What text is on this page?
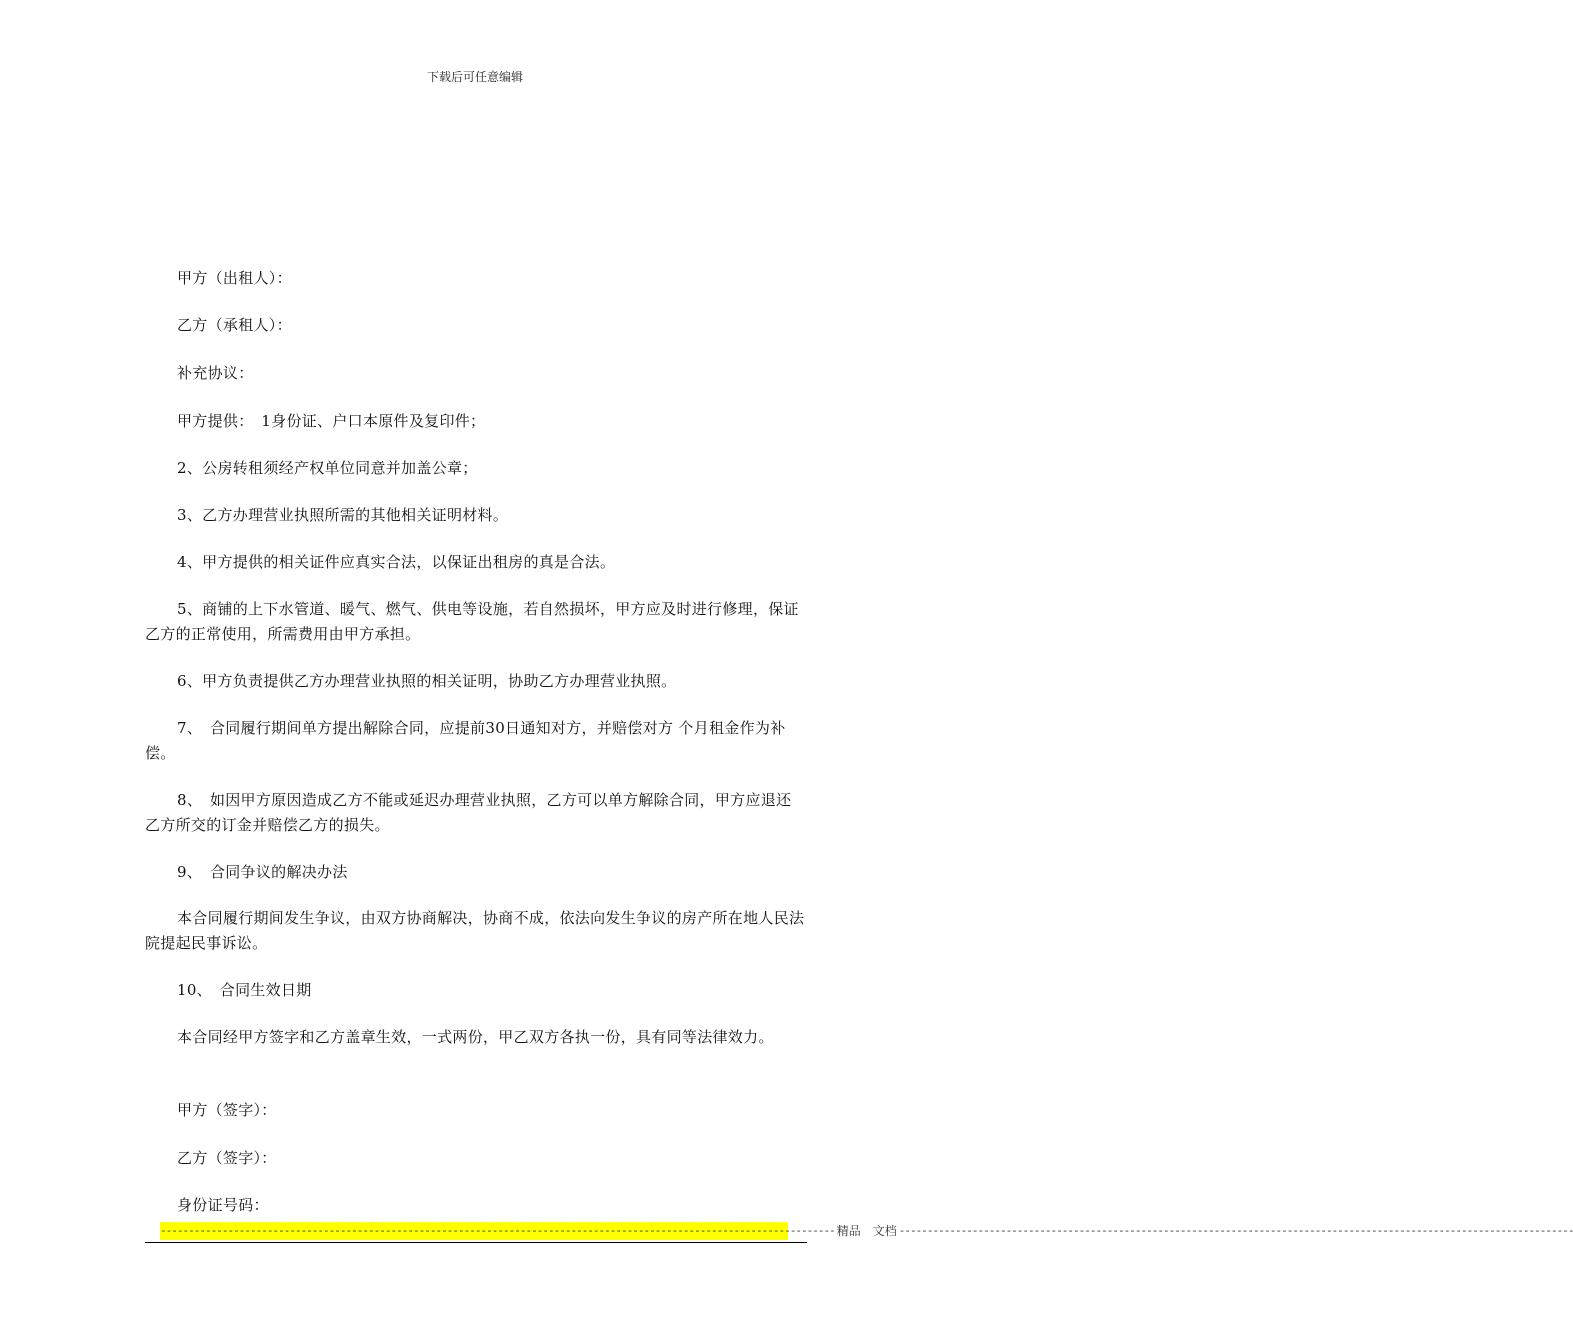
下载后可任意编辑
甲方（出租人）：
乙方（承租人）：
补充协议：
甲方提供：　1身份证、户口本原件及复印件；
2、公房转租须经产权单位同意并加盖公章；
3、乙方办理营业执照所需的其他相关证明材料。
4、甲方提供的相关证件应真实合法，以保证出租房的真是合法。
5、商铺的上下水管道、暖气、燃气、供电等设施，若自然损坏，甲方应及时进行修理，保证乙方的正常使用，所需费用由甲方承担。
6、甲方负责提供乙方办理营业执照的相关证明，协助乙方办理营业执照。
7、　合同履行期间单方提出解除合同，应提前30日通知对方，并赔偿对方 个月租金作为补偿。
8、　如因甲方原因造成乙方不能或延迟办理营业执照，乙方可以单方解除合同，甲方应退还乙方所交的订金并赔偿乙方的损失。
9、　合同争议的解决办法
本合同履行期间发生争议，由双方协商解决，协商不成，依法向发生争议的房产所在地人民法院提起民事诉讼。
10、　合同生效日期
本合同经甲方签字和乙方盖章生效，一式两份，甲乙双方各执一份，具有同等法律效力。
甲方（签字）：
乙方（签字）：
身份证号码：
------------------------------------------------------------------------------------------------------------------------ 精品　文档 ------------------------------------------------------------------------------------------------------------------------
